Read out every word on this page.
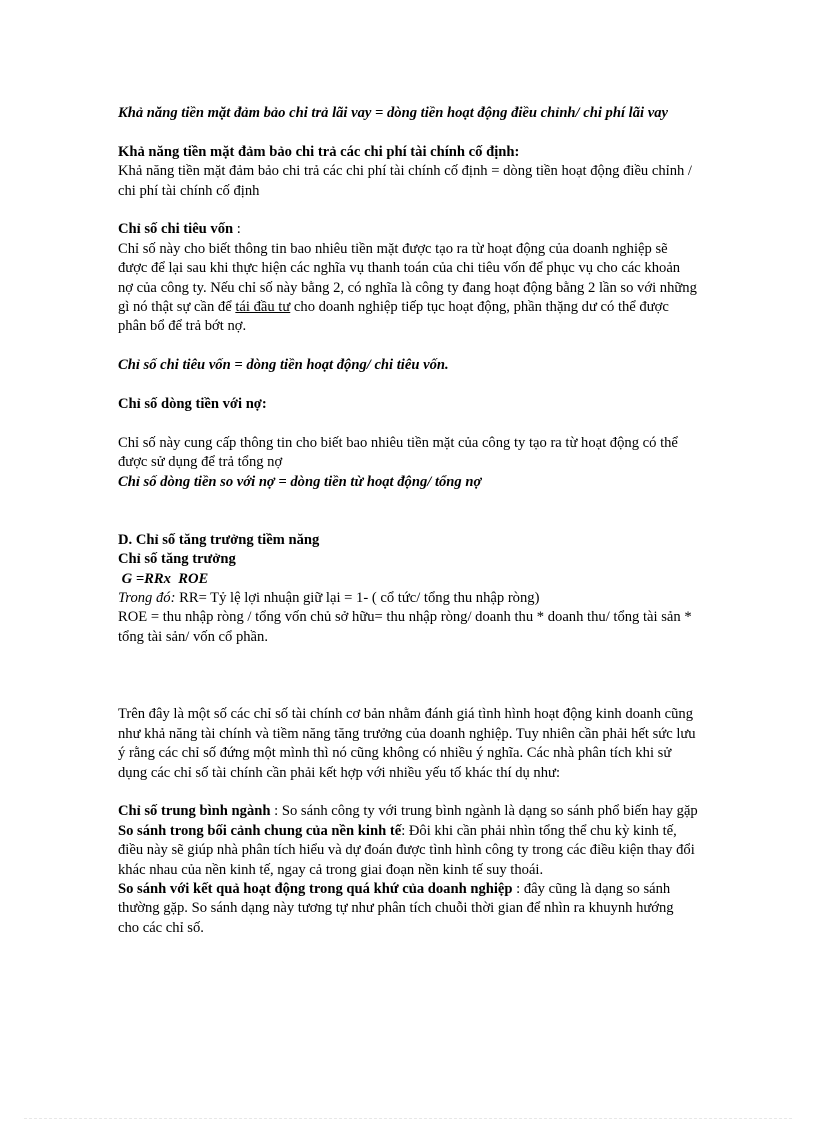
Khả năng tiền mặt đảm bảo chi trả lãi vay = dòng tiền hoạt động điều chỉnh/ chi phí lãi vay

Khả năng tiền mặt đảm bảo chi trả các chi phí tài chính cố định:

Khả năng tiền mặt đảm bảo chi trả các chi phí tài chính cố định = dòng tiền hoạt động điều chỉnh / chi phí tài chính cố định

Chỉ số chi tiêu vốn :

Chỉ số này cho biết thông tin bao nhiêu tiền mặt được tạo ra từ hoạt động của doanh nghiệp sẽ được để lại sau khi thực hiện các nghĩa vụ thanh toán của chi tiêu vốn để phục vụ cho các khoản nợ của công ty. Nếu chỉ số này bằng 2, có nghĩa là công ty đang hoạt động bằng 2 lần so với những gì nó thật sự cần để tái đầu tư cho doanh nghiệp tiếp tục hoạt động, phần thặng dư có thể được phân bổ để trả bớt nợ.

Chỉ số chi tiêu vốn = dòng tiền hoạt động/ chi tiêu vốn.

Chỉ số dòng tiền với nợ:

Chỉ số này cung cấp thông tin cho biết bao nhiêu tiền mặt của công ty tạo ra từ hoạt động có thể được sử dụng để trả tổng nợ

Chỉ số dòng tiền so với nợ = dòng tiền từ hoạt động/ tổng nợ

D. Chỉ số tăng trưởng tiềm năng

Chỉ số tăng trưởng

G =RRx  ROE

Trong đó: RR= Tỷ lệ lợi nhuận giữ lại = 1- ( cổ tức/ tổng thu nhập ròng)

ROE = thu nhập ròng / tổng vốn chủ sở hữu= thu nhập ròng/ doanh thu * doanh thu/ tổng tài sản * tổng tài sản/ vốn cổ phần.

Trên đây là một số các chỉ số tài chính cơ bản nhằm đánh giá tình hình hoạt động kinh doanh cũng như khả năng tài chính và tiềm năng tăng trưởng của doanh nghiệp. Tuy nhiên cần phải hết sức lưu ý rằng các chỉ số đứng một mình thì nó cũng không có nhiều ý nghĩa. Các nhà phân tích khi sử dụng các chỉ số tài chính cần phải kết hợp với nhiều yếu tố khác thí dụ như:

Chỉ số trung bình ngành : So sánh công ty với trung bình ngành là dạng so sánh phổ biến hay gặp

So sánh trong bối cảnh chung của nền kinh tế: Đôi khi cần phải nhìn tổng thể chu kỳ kinh tế, điều này sẽ giúp nhà phân tích hiểu và dự đoán được tình hình công ty trong các điều kiện thay đổi khác nhau của nền kinh tế, ngay cả trong giai đoạn nền kinh tế suy thoái.

So sánh với kết quả hoạt động trong quá khứ của doanh nghiệp : đây cũng là dạng so sánh thường gặp. So sánh dạng này tương tự như phân tích chuỗi thời gian để nhìn ra khuynh hướng cho các chỉ số.
